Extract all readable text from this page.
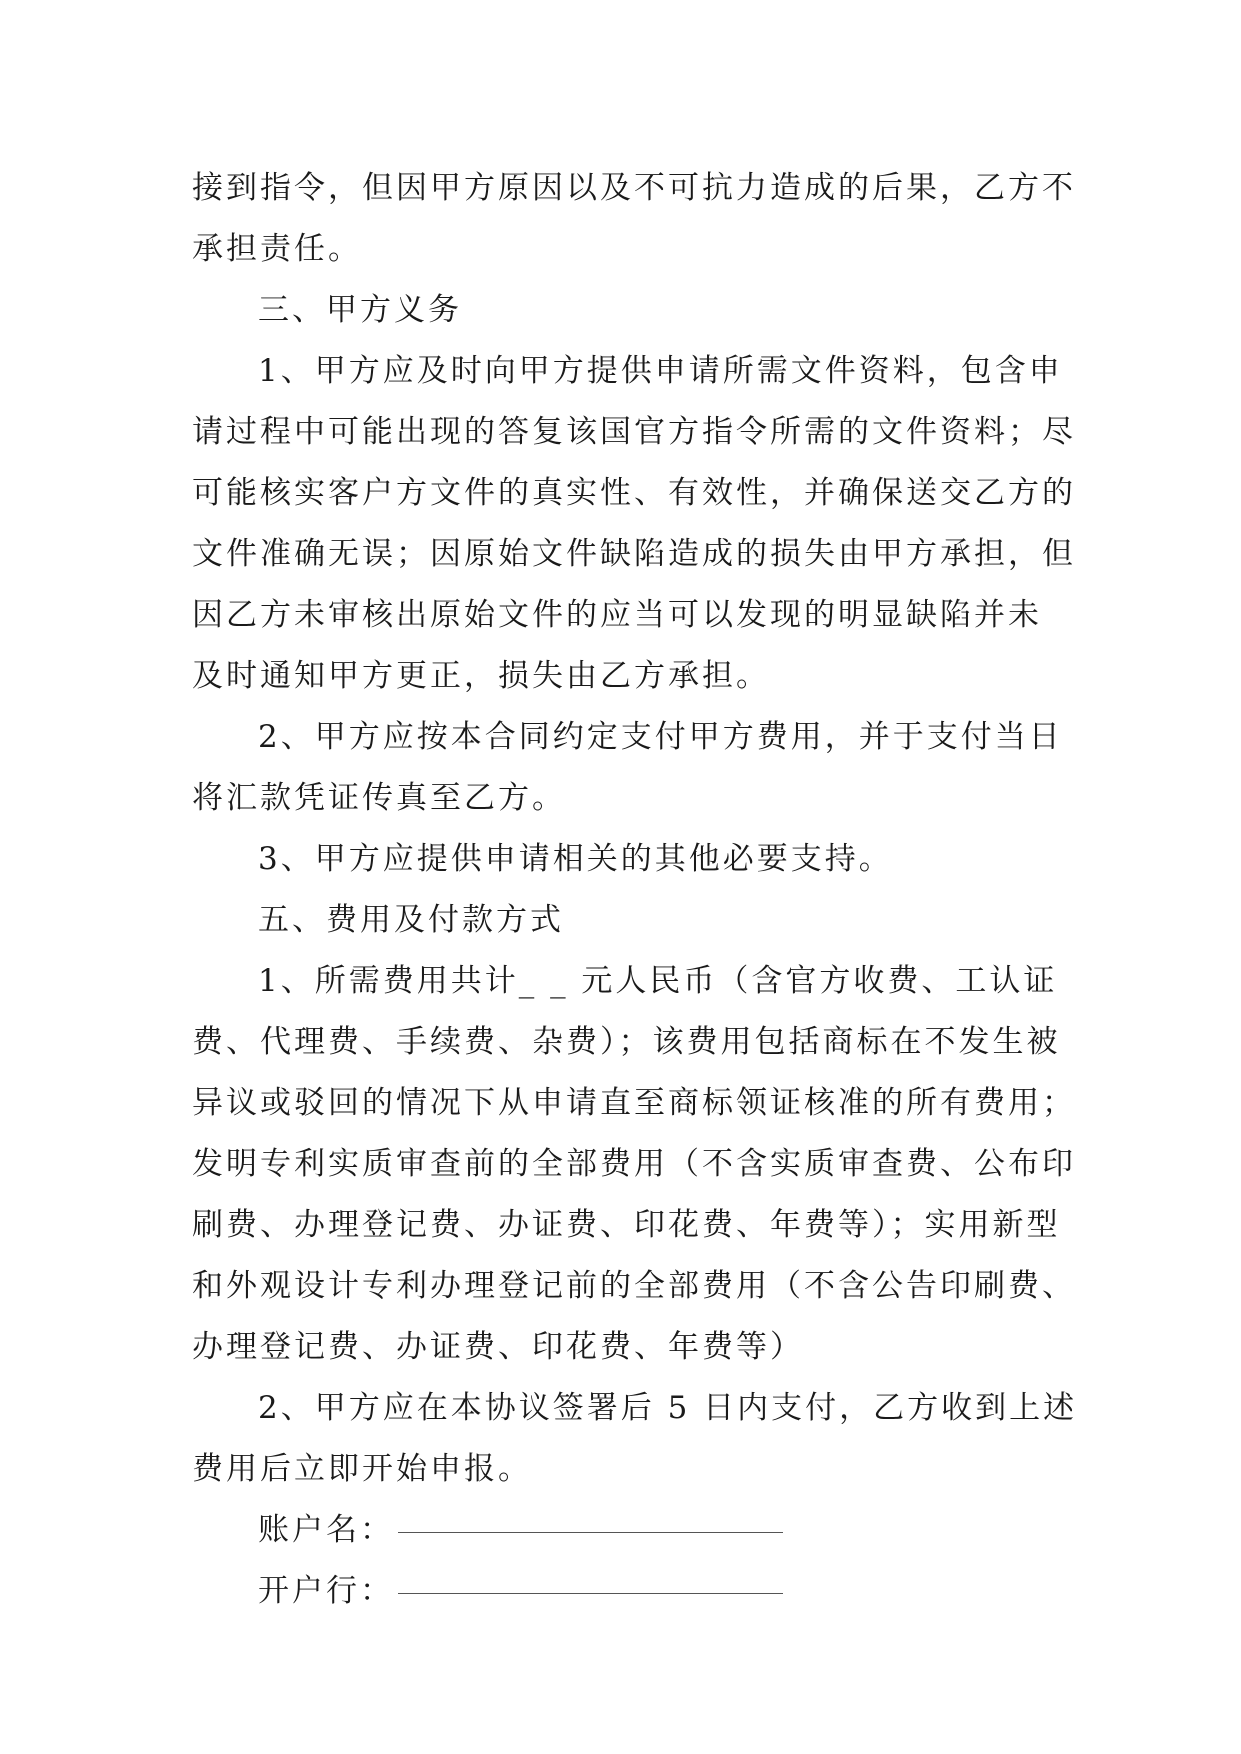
接到指令，但因甲方原因以及不可抗力造成的后果，乙方不
承担责任。

三、甲方义务

1、甲方应及时向甲方提供申请所需文件资料，包含申
请过程中可能出现的答复该国官方指令所需的文件资料；尽
可能核实客户方文件的真实性、有效性，并确保送交乙方的
文件准确无误；因原始文件缺陷造成的损失由甲方承担，但
因乙方未审核出原始文件的应当可以发现的明显缺陷并未
及时通知甲方更正，损失由乙方承担。

2、甲方应按本合同约定支付甲方费用，并于支付当日
将汇款凭证传真至乙方。

3、甲方应提供申请相关的其他必要支持。

五、费用及付款方式

1、所需费用共计_ _ 元人民币（含官方收费、工认证
费、代理费、手续费、杂费）；该费用包括商标在不发生被
异议或驳回的情况下从申请直至商标领证核准的所有费用；
发明专利实质审查前的全部费用（不含实质审查费、公布印
刷费、办理登记费、办证费、印花费、年费等）；实用新型
和外观设计专利办理登记前的全部费用（不含公告印刷费、
办理登记费、办证费、印花费、年费等）

2、甲方应在本协议签署后 5 日内支付，乙方收到上述
费用后立即开始申报。

账户名：

开户行：
